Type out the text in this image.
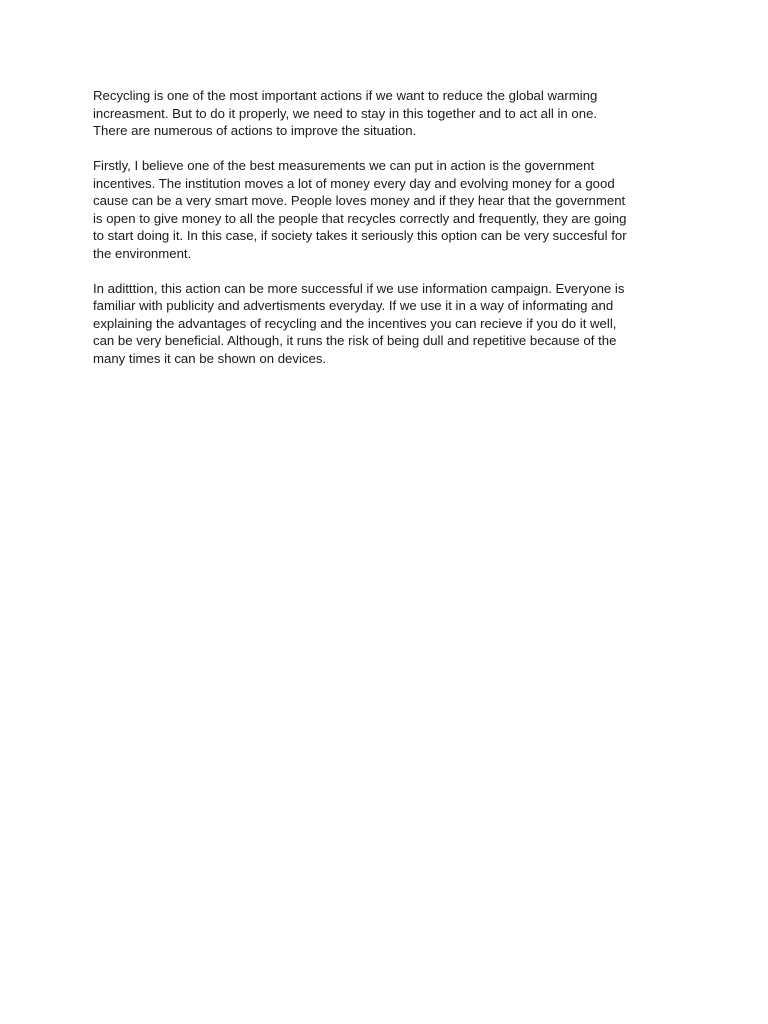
Recycling is one of the most important actions if we want to reduce the global warming
increasment. But to do it properly, we need to stay in this together and to act all in one.
There are numerous of actions to improve the situation.

Firstly, I believe one of the best measurements we can put in action is the government
incentives. The institution moves a lot of money every day and evolving money for a good
cause can be a very smart move. People loves money and if they hear that the government
is open to give money to all the people that recycles correctly and frequently, they are going
to start doing it. In this case, if society takes it seriously this option can be very succesful for
the environment.

In aditttion, this action can be more successful if we use information campaign. Everyone is
familiar with publicity and advertisments everyday. If we use it in a way of informating and
explaining the advantages of recycling and the incentives you can recieve if you do it well,
can be very beneficial. Although, it runs the risk of being dull and repetitive because of the
many times it can be shown on devices.
